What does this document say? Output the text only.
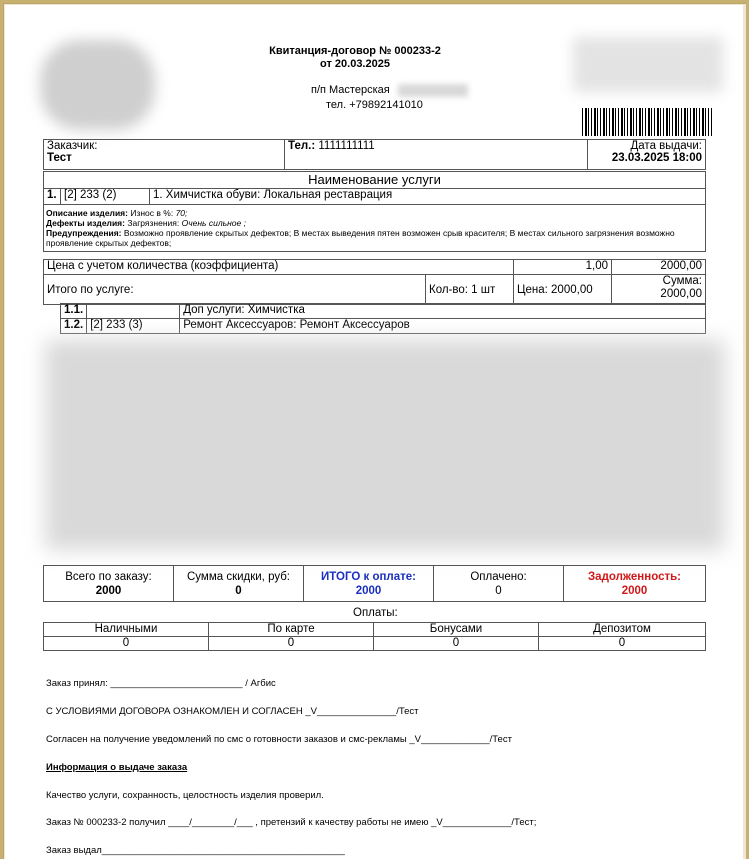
Квитанция-договор № 000233-2
от 20.03.2025
п/п Мастерская
тел. +79892141010
Заказчик:
Тест
	Тел.: 1111111111	Дата выдачи:
23.03.2025 18:00
Наименование услуги
1.	[2] 233 (2)	1. Химчистка обуви: Локальная реставрация

Описание изделия: Износ в %: 70;
Дефекты изделия: Загрязнения: Очень сильное ;
Предупреждения: Возможно проявление скрытых дефектов; В местах выведения пятен возможен срыв красителя; В местах сильного загрязнения возможно проявление скрытых дефектов;
Цена с учетом количества (коэффициента)	1,00	2000,00
Итого по услуге:	Кол-во: 1 шт	Цена: 2000,00	
Сумма:
2000,00
1.1.		Доп услуги: Химчистка
1.2.	[2] 233 (3)	Ремонт Аксессуаров: Ремонт Аксессуаров
Всего по заказу:
2000

Сумма скидки, руб:
0

ИТОГО к оплате:
2000

Оплачено:
0

Задолженность:
2000
Оплаты:
Наличными	По карте	Бонусами	Депозитом
0	0	0	0
Заказ принял: _________________________ / Агбис
С УСЛОВИЯМИ ДОГОВОРА ОЗНАКОМЛЕН И СОГЛАСЕН _V_______________/Тест
Согласен на получение уведомлений по смс о готовности заказов и смс-рекламы _V_____________/Тест
Информация о выдаче заказа
Качество услуги, сохранность, целостность изделия проверил.
Заказ № 000233-2 получил ____/________/___ , претензий к качеству работы не имею _V_____________/Тест;
Заказ выдал______________________________________________
